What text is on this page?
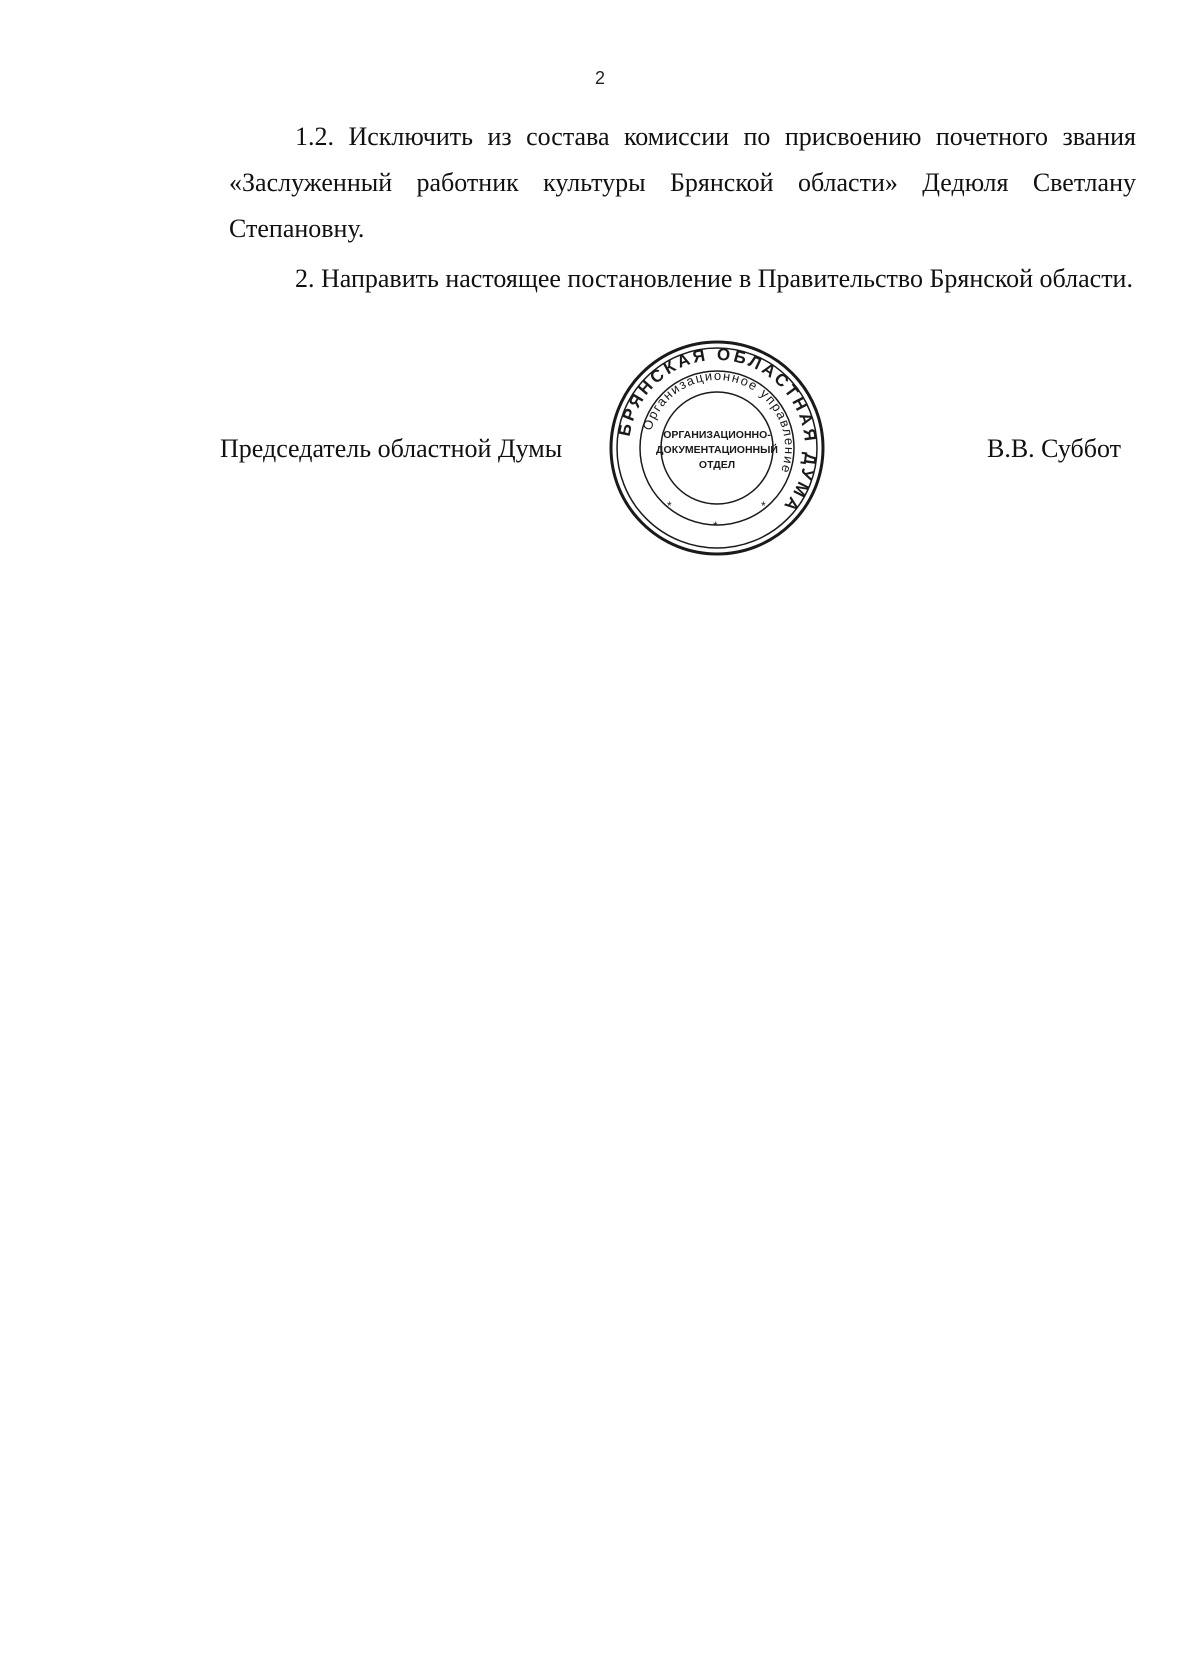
2

1.2. Исключить из состава комиссии по присвоению почетного звания «Заслуженный работник культуры Брянской области» Дедюля Светлану Степановну.

2. Направить настоящее постановление в Правительство Брянской области.

Председатель областной Думы	В.В. Суббот
БРЯНСКАЯ ОБЛАСТНАЯ ДУМА
Организационное управление
*	*
*
ОРГАНИЗАЦИОННО-
ДОКУМЕНТАЦИОННЫЙ
ОТДЕЛ
